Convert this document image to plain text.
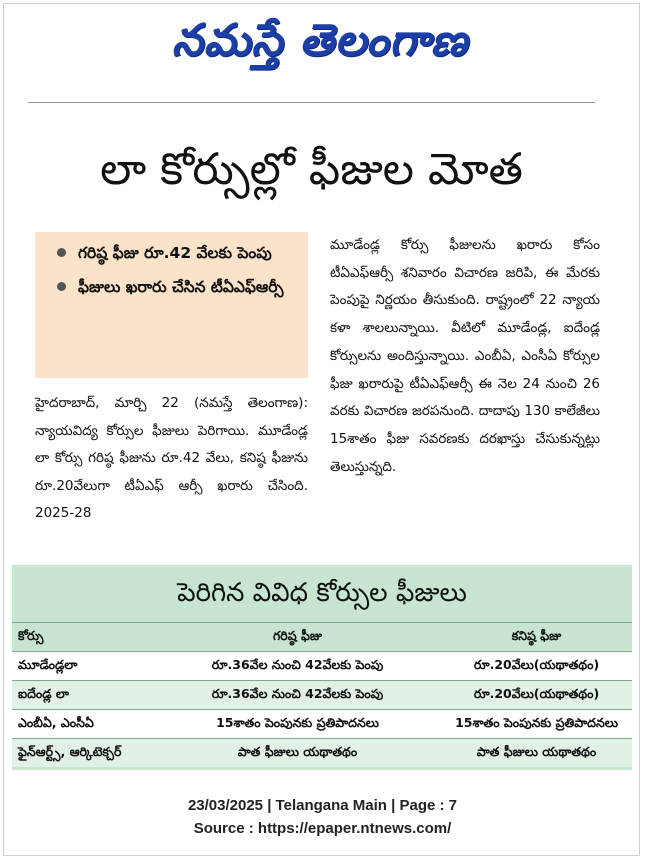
నమస్తే తెలంగాణ
లా కోర్సుల్లో ఫీజుల మోత
గరిష్ఠ ఫీజు రూ.42 వేలకు పెంపు
ఫీజులు ఖరారు చేసిన టీఏఎఫ్ఆర్సీ
హైదరాబాద్, మార్చి 22 (నమస్తే తెలంగాణ): న్యాయవిద్య కోర్సుల ఫీజులు పెరిగాయి. మూడేండ్ల లా కోర్సు గరిష్ఠ ఫీజును రూ.42 వేలు, కనిష్ఠ ఫీజును రూ.20వేలుగా టీఏఎఫ్ ఆర్సీ ఖరారు చేసింది. 2025-28
మూడేండ్ల కోర్సు ఫీజులను ఖరారు కోసం టీఏఎఫ్ఆర్సీ శనివారం విచారణ జరిపి, ఈ మేరకు పెంపుపై నిర్ణయం తీసుకుంది. రాష్ట్రంలో 22 న్యాయ కళా శాలలున్నాయి. వీటిలో మూడేండ్ల, ఐదేండ్ల కోర్సులను అందిస్తున్నాయి. ఎంబీఏ, ఎంసీఏ కోర్సుల ఫీజు ఖరారుపై టీఏఎఫ్ఆర్సీ ఈ నెల 24 నుంచి 26 వరకు విచారణ జరపనుంది. దాదాపు 130 కాలేజీలు 15శాతం ఫీజు సవరణకు దరఖాస్తు చేసుకున్నట్లు తెలుస్తున్నది.
పెరిగిన వివిధ కోర్సుల ఫీజులు
కోర్సు	గరిష్ఠ ఫీజు	కనిష్ఠ ఫీజు
మూడేండ్లలా	రూ.36వేల నుంచి 42వేలకు పెంపు	రూ.20వేలు(యథాతథం)
ఐదేండ్ల లా	రూ.36వేల నుంచి 42వేలకు పెంపు	రూ.20వేలు(యథాతథం)
ఎంబీఏ, ఎంసీఏ	15శాతం పెంపునకు ప్రతిపాదనలు	15శాతం పెంపునకు ప్రతిపాదనలు
ఫైన్ఆర్ట్స్, ఆర్కిటెక్చర్	పాత ఫీజులు యథాతథం	పాత ఫీజులు యథాతథం
23/03/2025 | Telangana Main | Page : 7
Source : https://epaper.ntnews.com/
